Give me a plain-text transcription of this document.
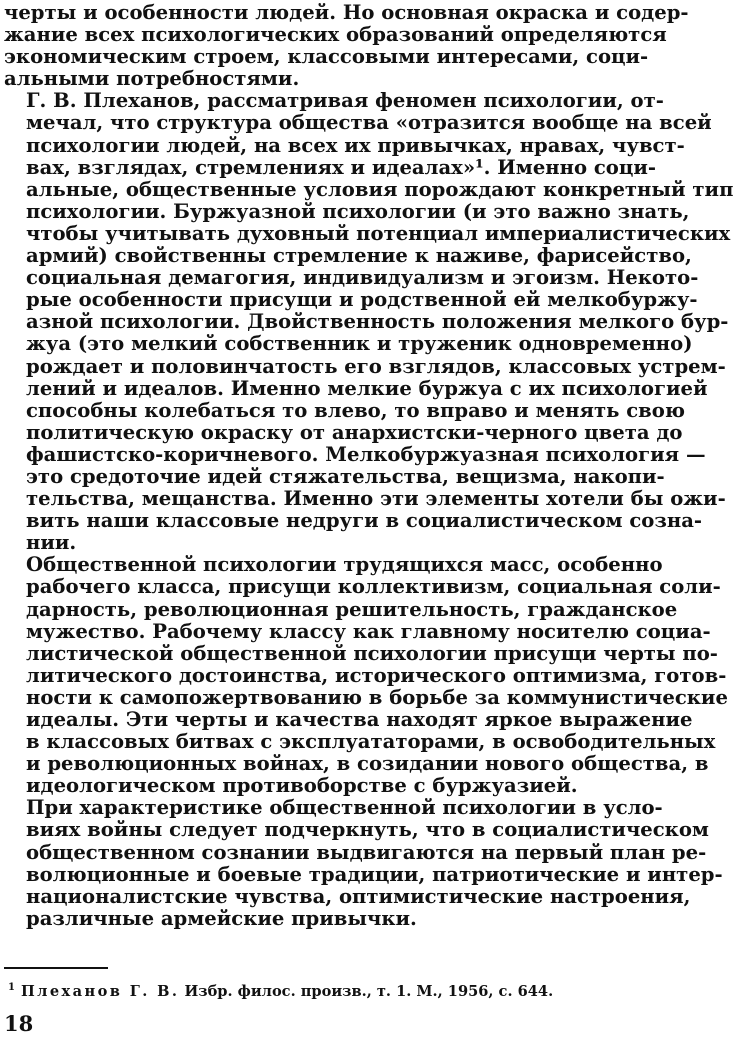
черты и особенности людей. Но основная окраска и содер-
жание всех психологических образований определяются
экономическим строем, классовыми интересами, соци-
альными потребностями.

Г. В. Плеханов, рассматривая феномен психологии, от-
мечал, что структура общества «отразится вообще на всей
психологии людей, на всех их привычках, нравах, чувст-
вах, взглядах, стремлениях и идеалах»¹. Именно соци-
альные, общественные условия порождают конкретный тип
психологии. Буржуазной психологии (и это важно знать,
чтобы учитывать духовный потенциал империалистических
армий) свойственны стремление к наживе, фарисейство,
социальная демагогия, индивидуализм и эгоизм. Некото-
рые особенности присущи и родственной ей мелкобуржу-
азной психологии. Двойственность положения мелкого бур-
жуа (это мелкий собственник и труженик одновременно)
рождает и половинчатость его взглядов, классовых устрем-
лений и идеалов. Именно мелкие буржуа с их психологией
способны колебаться то влево, то вправо и менять свою
политическую окраску от анархистски-черного цвета до
фашистско-коричневого. Мелкобуржуазная психология —
это средоточие идей стяжательства, вещизма, накопи-
тельства, мещанства. Именно эти элементы хотели бы ожи-
вить наши классовые недруги в социалистическом созна-
нии.

Общественной психологии трудящихся масс, особенно
рабочего класса, присущи коллективизм, социальная соли-
дарность, революционная решительность, гражданское
мужество. Рабочему классу как главному носителю социа-
листической общественной психологии присущи черты по-
литического достоинства, исторического оптимизма, готов-
ности к самопожертвованию в борьбе за коммунистические
идеалы. Эти черты и качества находят яркое выражение
в классовых битвах с эксплуататорами, в освободительных
и революционных войнах, в созидании нового общества, в
идеологическом противоборстве с буржуазией.

При характеристике общественной психологии в усло-
виях войны следует подчеркнуть, что в социалистическом
общественном сознании выдвигаются на первый план ре-
волюционные и боевые традиции, патриотические и интер-
националистские чувства, оптимистические настроения,
различные армейские привычки.

$^1$ Плеханов Г. В. Избр. филос. произв., т. 1. М., 1956, с. 644.
18
